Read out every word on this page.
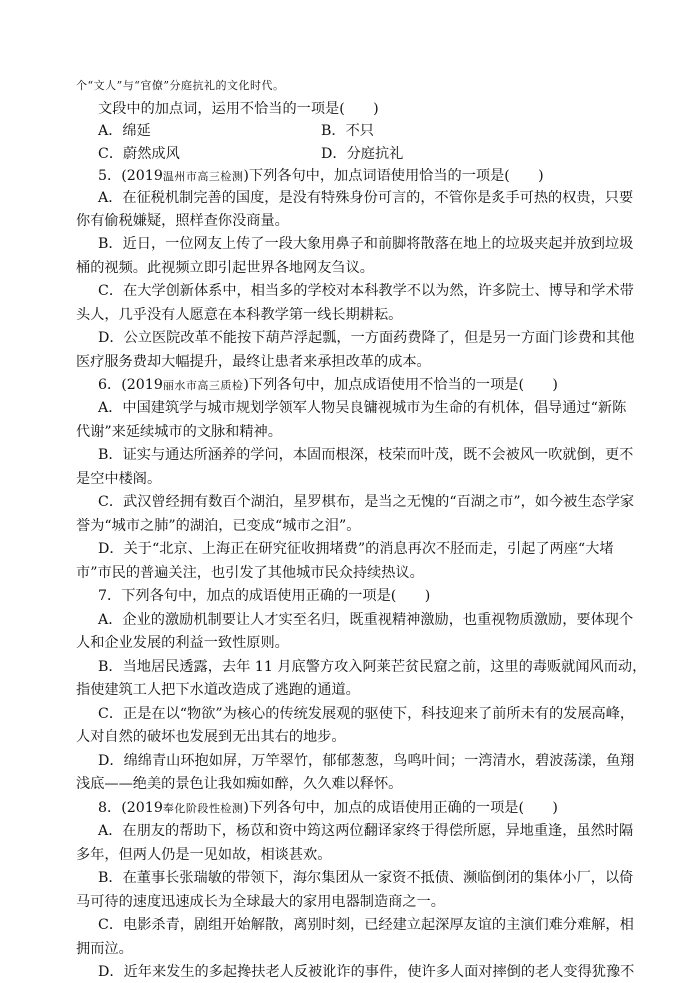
个“文人”与“官僚”分庭抗礼的文化时代。
文段中的加点词，运用不恰当的一项是(　　)
A．绵延	B．不只
C．蔚然成风	D．分庭抗礼
5．(2019温州市高三检测)下列各句中，加点词语使用恰当的一项是(　　)
A．在征税机制完善的国度，是没有特殊身份可言的，不管你是炙手可热的权贵，只要
你有偷税嫌疑，照样查你没商量。
B．近日，一位网友上传了一段大象用鼻子和前脚将散落在地上的垃圾夹起并放到垃圾
桶的视频。此视频立即引起世界各地网友刍议。
C．在大学创新体系中，相当多的学校对本科教学不以为然，许多院士、博导和学术带
头人，几乎没有人愿意在本科教学第一线长期耕耘。
D．公立医院改革不能按下葫芦浮起瓢，一方面药费降了，但是另一方面门诊费和其他
医疗服务费却大幅提升，最终让患者来承担改革的成本。
6．(2019丽水市高三质检)下列各句中，加点成语使用不恰当的一项是(　　)
A．中国建筑学与城市规划学领军人物吴良镛视城市为生命的有机体，倡导通过“新陈
代谢”来延续城市的文脉和精神。
B．证实与通达所涵养的学问，本固而根深，枝荣而叶茂，既不会被风一吹就倒，更不
是空中楼阁。
C．武汉曾经拥有数百个湖泊，星罗棋布，是当之无愧的“百湖之市”，如今被生态学家
誉为“城市之肺”的湖泊，已变成“城市之泪”。
D．关于“北京、上海正在研究征收拥堵费”的消息再次不胫而走，引起了两座“大堵
市”市民的普遍关注，也引发了其他城市民众持续热议。
7．下列各句中，加点的成语使用正确的一项是(　　)
A．企业的激励机制要让人才实至名归，既重视精神激励，也重视物质激励，要体现个
人和企业发展的利益一致性原则。
B．当地居民透露，去年 11 月底警方攻入阿莱芒贫民窟之前，这里的毒贩就闻风而动，
指使建筑工人把下水道改造成了逃跑的通道。
C．正是在以“物欲”为核心的传统发展观的驱使下，科技迎来了前所未有的发展高峰，
人对自然的破坏也发展到无出其右的地步。
D．绵绵青山环抱如屏，万竿翠竹，郁郁葱葱，鸟鸣叶间；一湾清水，碧波荡漾，鱼翔
浅底——绝美的景色让我如痴如醉，久久难以释怀。
8．(2019奉化阶段性检测)下列各句中，加点的成语使用正确的一项是(　　)
A．在朋友的帮助下，杨苡和资中筠这两位翻译家终于得偿所愿，异地重逢，虽然时隔
多年，但两人仍是一见如故，相谈甚欢。
B．在董事长张瑞敏的带领下，海尔集团从一家资不抵债、濒临倒闭的集体小厂，以倚
马可待的速度迅速成长为全球最大的家用电器制造商之一。
C．电影杀青，剧组开始解散，离别时刻，已经建立起深厚友谊的主演们难分难解，相
拥而泣。
D．近年来发生的多起搀扶老人反被讹诈的事件，使许多人面对摔倒的老人变得犹豫不
